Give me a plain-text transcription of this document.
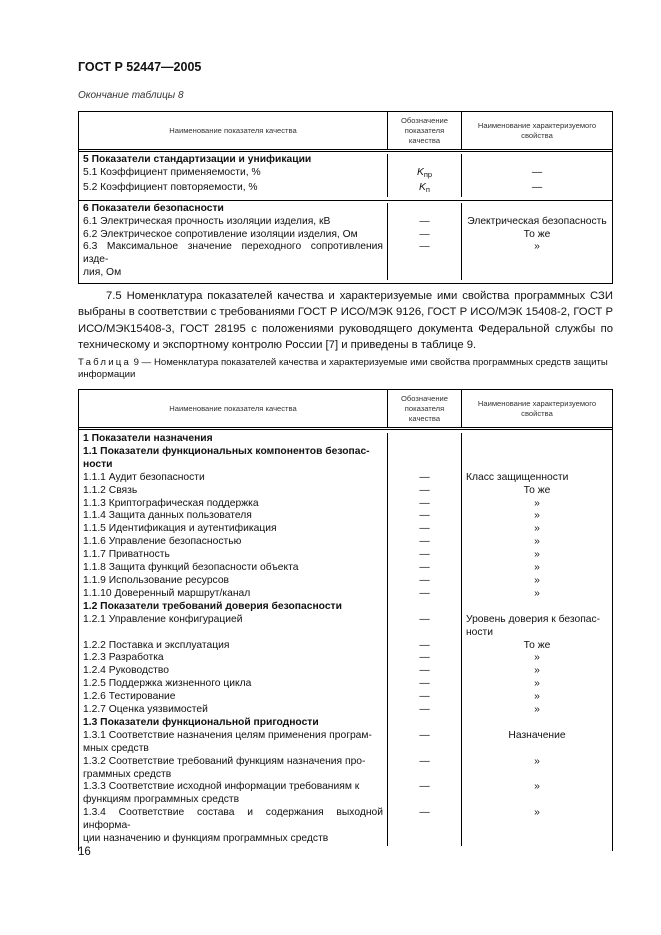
ГОСТ Р 52447—2005
Окончание таблицы 8
Наименование показателя качества
Обозначение показателя качества
Наименование характеризуемого свойства
5 Показатели стандартизации и унификации
5.1 Коэффициент применяемости, %	$K_{пр}$	—
5.2 Коэффициент повторяемости, %	$K_п$	—
6 Показатели безопасности
6.1 Электрическая прочность изоляции изделия, кВ	—	Электрическая безопасность
6.2 Электрическое сопротивление изоляции изделия, Ом	—	То же
6.3 Максимальное значение переходного сопротивления изде-
лия, Ом
—	»
7.5 Номенклатура показателей качества и характеризуемые ими свойства программных СЗИ выбраны в соответствии с требованиями ГОСТ Р ИСО/МЭК 9126, ГОСТ Р ИСО/МЭК 15408-2, ГОСТ Р ИСО/МЭК15408-3, ГОСТ 28195 с положениями руководящего документа Федеральной службы по техническому и экспортному контролю России [7] и приведены в таблице 9.
Таблица 9 — Номенклатура показателей качества и характеризуемые ими свойства программных средств защиты информации
Наименование показателя качества
Обозначение показателя качества
Наименование характеризуемого свойства
1 Показатели назначения
1.1 Показатели функциональных компонентов безопас-
ности
1.1.1 Аудит безопасности	—	Класс защищенности
1.1.2 Связь	—	То же
1.1.3 Криптографическая поддержка	—	»
1.1.4 Защита данных пользователя	—	»
1.1.5 Идентификация и аутентификация	—	»
1.1.6 Управление безопасностью	—	»
1.1.7 Приватность	—	»
1.1.8 Защита функций безопасности объекта	—	»
1.1.9 Использование ресурсов	—	»
1.1.10 Доверенный маршрут/канал	—	»
1.2 Показатели требований доверия безопасности
1.2.1 Управление конфигурацией	—	Уровень доверия к безопас-
ности
1.2.2 Поставка и эксплуатация	—	То же
1.2.3 Разработка	—	»
1.2.4 Руководство	—	»
1.2.5 Поддержка жизненного цикла	—	»
1.2.6 Тестирование	—	»
1.2.7 Оценка уязвимостей	—	»
1.3 Показатели функциональной пригодности
1.3.1 Соответствие назначения целям применения програм-
мных средств
—	Назначение
1.3.2 Соответствие требований функциям назначения про-
граммных средств
—	»
1.3.3 Соответствие исходной информации требованиям к
функциям программных средств
—	»
1.3.4 Соответствие состава и содержания выходной информа-
ции назначению и функциям программных средств
—	»
16
